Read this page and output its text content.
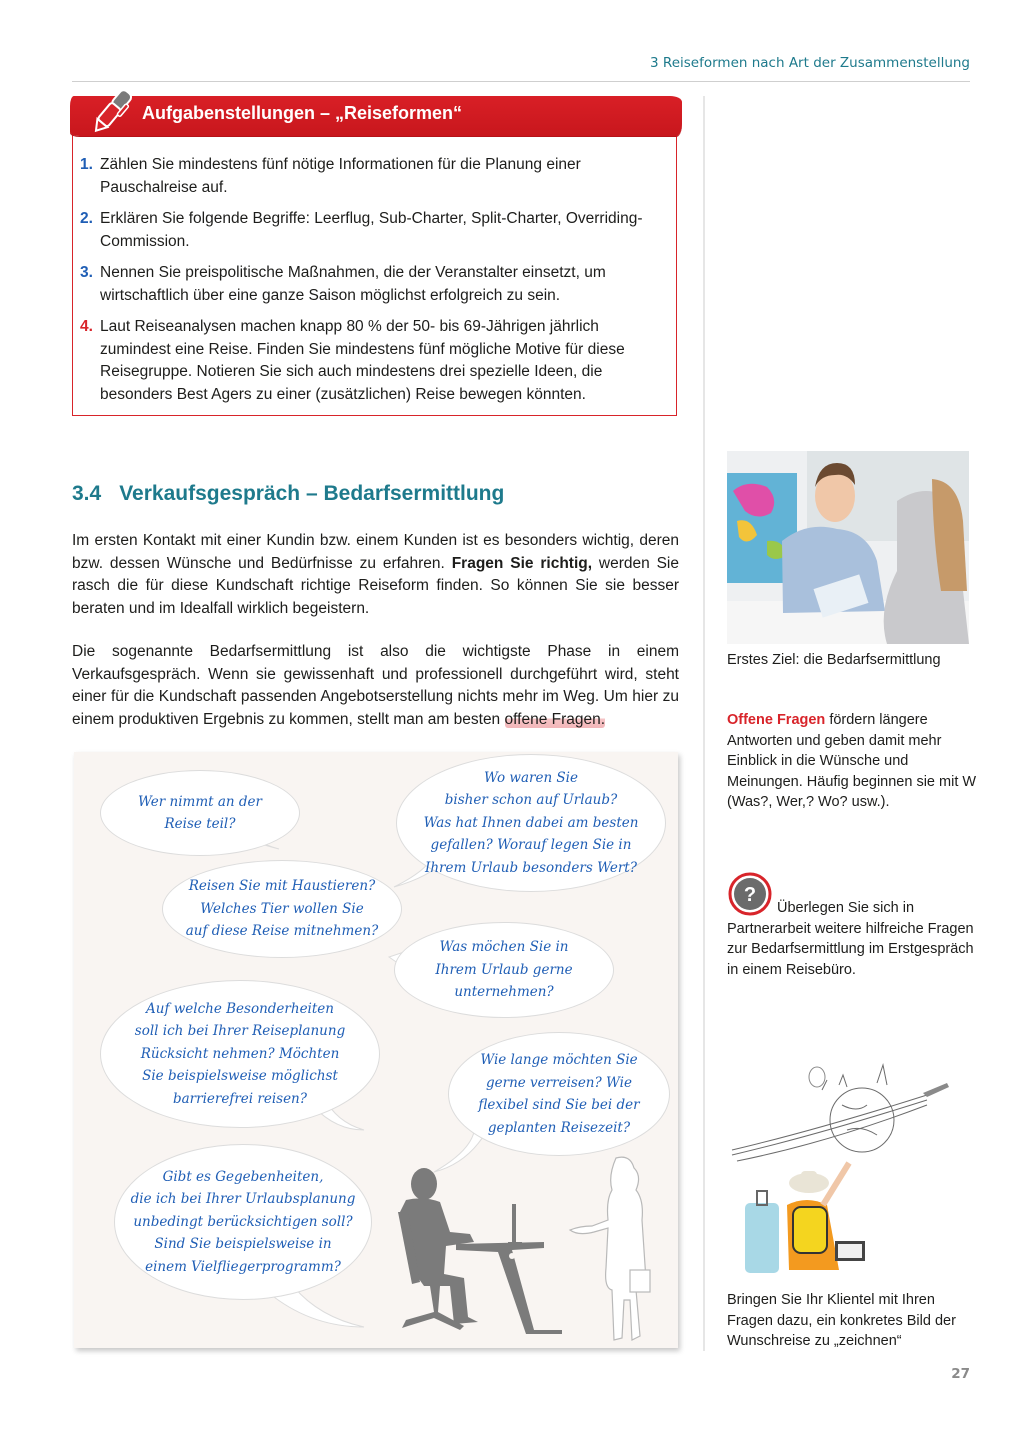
3 Reiseformen nach Art der Zusammenstellung
Aufgabenstellungen – „Reiseformen“
1. Zählen Sie mindestens fünf nötige Informationen für die Planung einer Pauschalreise auf.
2. Erklären Sie folgende Begriffe: Leerflug, Sub-Charter, Split-Charter, Overriding-Commission.
3. Nennen Sie preispolitische Maßnahmen, die der Veranstalter einsetzt, um wirtschaftlich über eine ganze Saison möglichst erfolgreich zu sein.
4. Laut Reiseanalysen machen knapp 80 % der 50- bis 69-Jährigen jährlich zumindest eine Reise. Finden Sie mindestens fünf mögliche Motive für diese Reisegruppe. Notieren Sie sich auch mindestens drei spezielle Ideen, die besonders Best Agers zu einer (zusätzlichen) Reise bewegen könnten.
3.4 Verkaufsgespräch – Bedarfsermittlung

Im ersten Kontakt mit einer Kundin bzw. einem Kunden ist es besonders wichtig, deren bzw. dessen Wünsche und Bedürfnisse zu erfahren. Fragen Sie richtig, werden Sie rasch die für diese Kundschaft richtige Reiseform finden. So können Sie sie besser beraten und im Idealfall wirklich begeistern.

Die sogenannte Bedarfsermittlung ist also die wichtigste Phase in einem Verkaufsgespräch. Wenn sie gewissenhaft und professionell durchgeführt wird, steht einer für die Kundschaft passenden Angebotserstellung nichts mehr im Weg. Um hier zu einem produktiven Ergebnis zu kommen, stellt man am besten offene Fragen.

Wer nimmt an der
Reise teil?
Wo waren Sie
bisher schon auf Urlaub?
Was hat Ihnen dabei am besten
gefallen? Worauf legen Sie in
Ihrem Urlaub besonders Wert?
Reisen Sie mit Haustieren?
Welches Tier wollen Sie
auf diese Reise mitnehmen?
Was möchen Sie in
Ihrem Urlaub gerne
unternehmen?
Auf welche Besonderheiten
soll ich bei Ihrer Reiseplanung
Rücksicht nehmen? Möchten
Sie beispielsweise möglichst
barrierefrei reisen?
Wie lange möchten Sie
gerne verreisen? Wie
flexibel sind Sie bei der
geplanten Reisezeit?
Gibt es Gegebenheiten,
die ich bei Ihrer Urlaubsplanung
unbedingt berücksichtigen soll?
Sind Sie beispielsweise in
einem Vielfliegerprogramm?

Erstes Ziel: die Bedarfsermittlung

Offene Fragen fördern längere Antworten und geben damit mehr Einblick in die Wünsche und Meinungen. Häufig beginnen sie mit W (Was?, Wer,? Wo? usw.).

?

Überlegen Sie sich in Partnerarbeit weitere hilfreiche Fragen zur Bedarfsermittlung im Erstgespräch in einem Reisebüro.

Bringen Sie Ihr Klientel mit Ihren Fragen dazu, ein konkretes Bild der Wunschreise zu „zeichnen“

27
